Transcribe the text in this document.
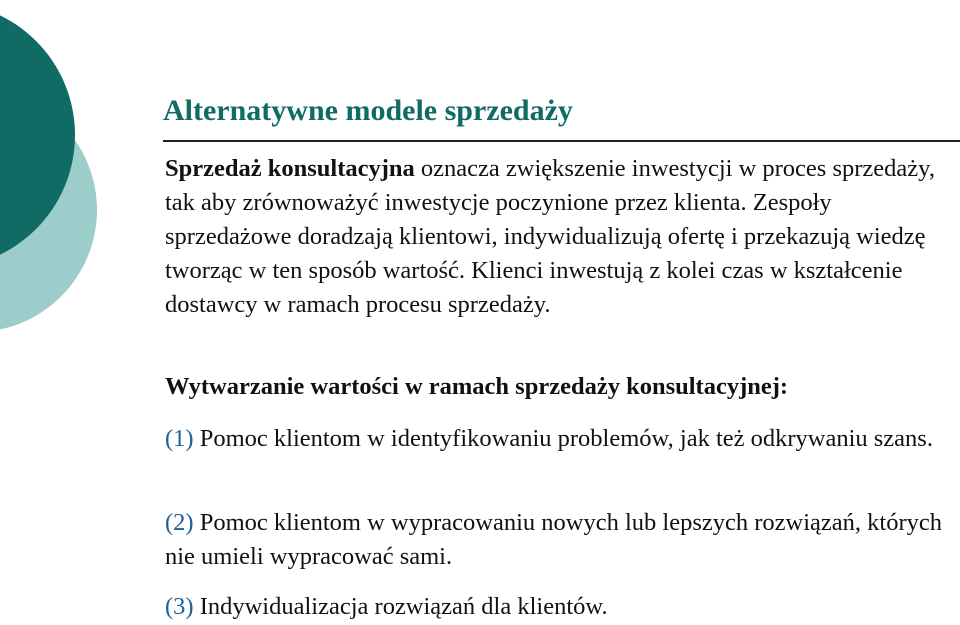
Alternatywne modele sprzedaży

Sprzedaż konsultacyjna oznacza zwiększenie inwestycji w proces sprzedaży, tak aby zrównoważyć inwestycje poczynione przez klienta. Zespoły sprzedażowe doradzają klientowi, indywidualizują ofertę i przekazują wiedzę tworząc w ten sposób wartość. Klienci inwestują z kolei czas w kształcenie dostawcy w ramach procesu sprzedaży.

Wytwarzanie wartości w ramach sprzedaży konsultacyjnej:

(1) Pomoc klientom w identyfikowaniu problemów, jak też odkrywaniu szans.

(2) Pomoc klientom w wypracowaniu nowych lub lepszych rozwiązań, których nie umieli wypracować sami.

(3) Indywidualizacja rozwiązań dla klientów.
